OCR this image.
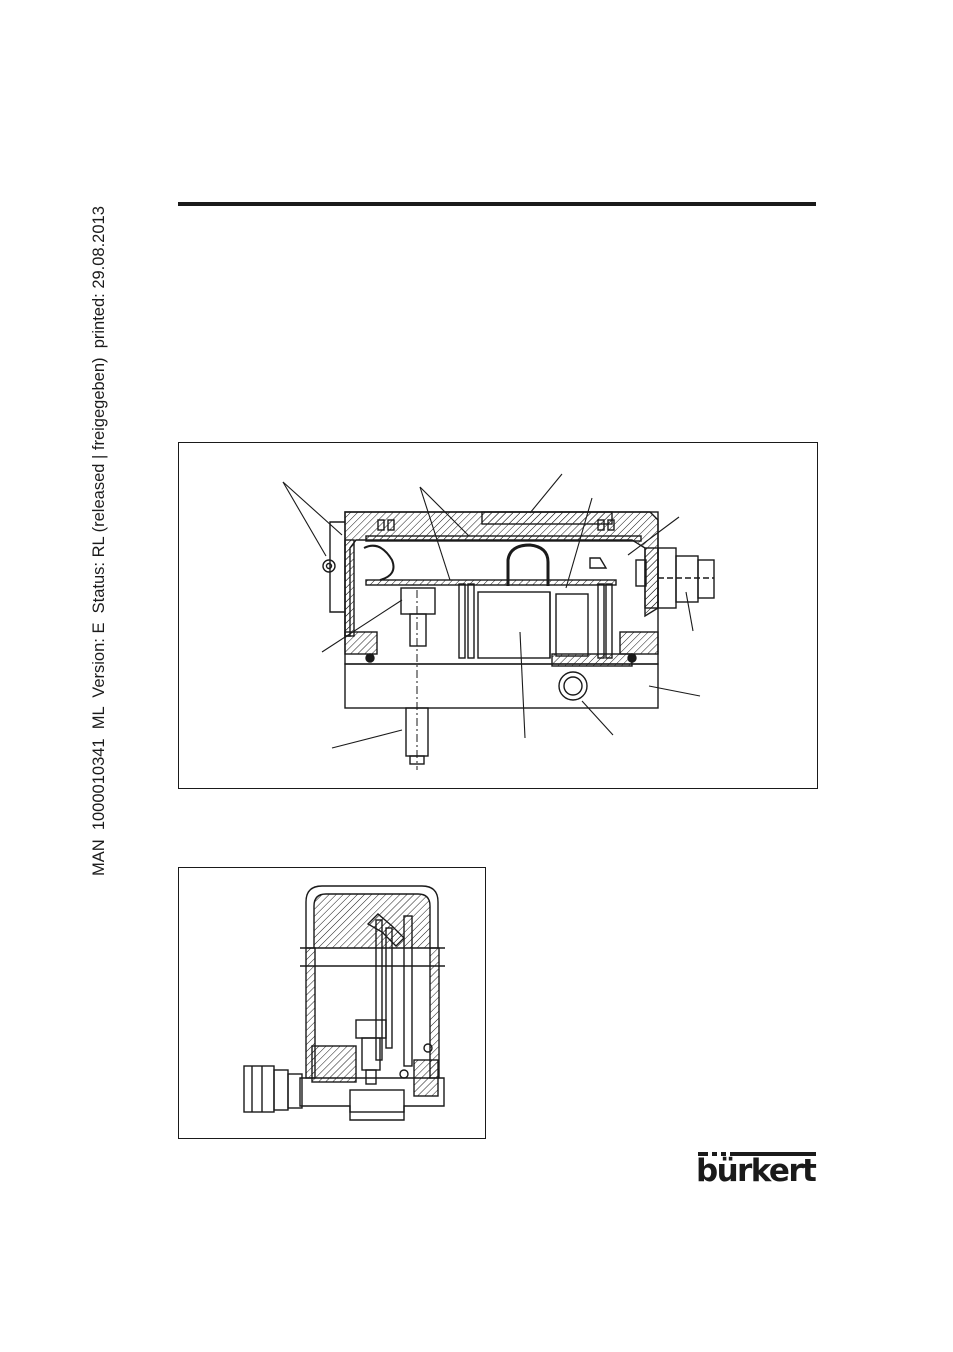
MAN  1000010341  ML  Version: E  Status: RL (released | freigegeben)  printed: 29.08.2013
bürkert
